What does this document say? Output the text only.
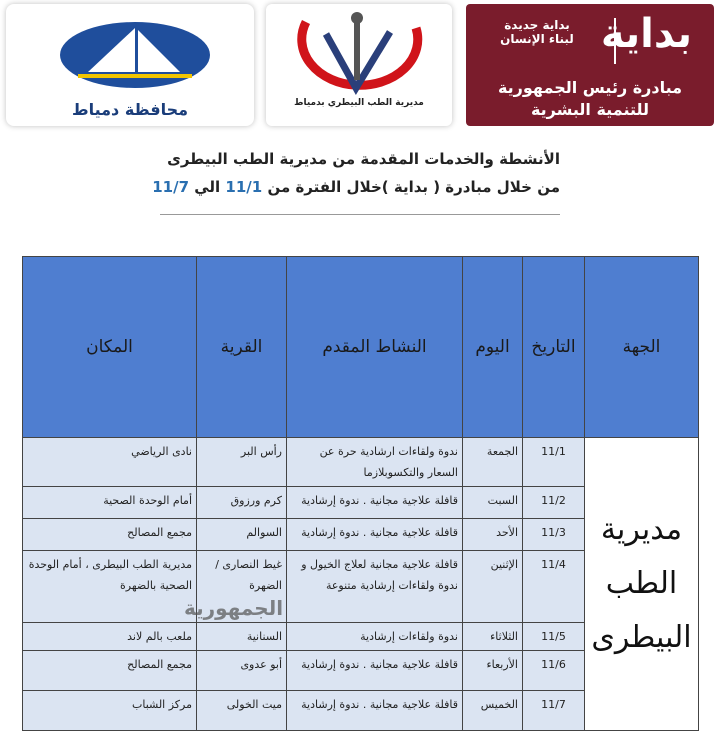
محافظة دمياط	مديرية الطب البيطري بدمياط
بداية جديدة لبناء الإنسان بداية
مبادرة رئيس الجمهورية
للتنمية البشرية
الأنشطة والخدمات المقدمة من مديرية الطب البيطرى
من خلال مبادرة ( بداية )خلال الفترة من 11/1 الي 11/7
الجهة	التاريخ	اليوم	النشاط المقدم	القرية	المكان
مديرية الطب البيطرى	11/1	الجمعة	ندوة ولقاءات ارشادية حرة عن السعار والتكسوبلازما	رأس البر	نادى الرياضي
	11/2	السبت	قافلة علاجية مجانية . ندوة إرشادية	كرم ورزوق	أمام الوحدة الصحية
	11/3	الأحد	قافلة علاجية مجانية . ندوة إرشادية	السوالم	مجمع المصالح
	11/4	الإثنين	قافلة علاجية مجانية لعلاج الخيول و ندوة ولقاءات إرشادية متنوعة	غيط النصارى /الضهرة	مديرية الطب البيطرى ، أمام الوحدة الصحية بالضهرة
	11/5	الثلاثاء	ندوة ولقاءات إرشادية	السنانية	ملعب بالم لاند
	11/6	الأربعاء	قافلة علاجية مجانية . ندوة إرشادية	أبو عدوى	مجمع المصالح
	11/7	الخميس	قافلة علاجية مجانية . ندوة إرشادية	ميت الخولى	مركز الشباب
الجمهورية
